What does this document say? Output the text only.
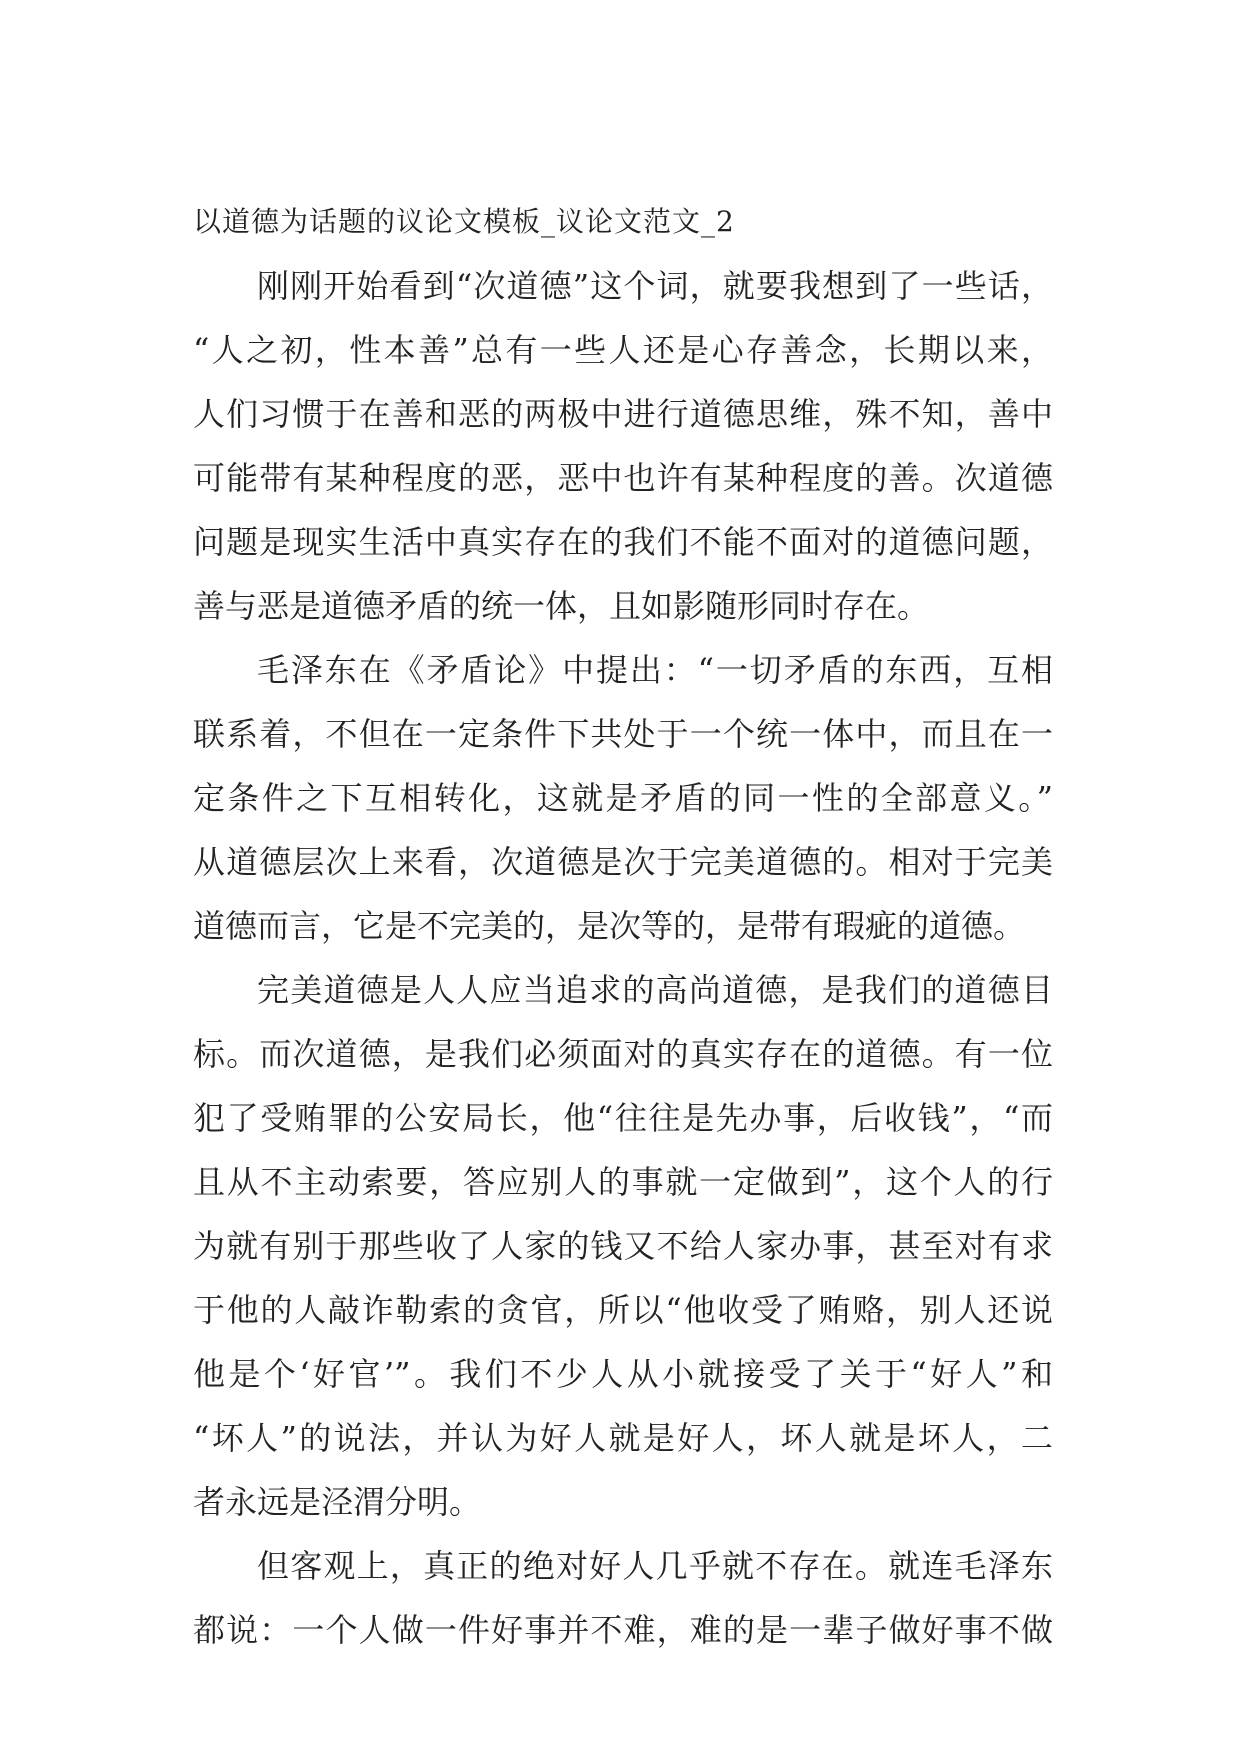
以道德为话题的议论文模板_议论文范文_2
刚刚开始看到“次道德”这个词，就要我想到了一些话，
“人之初，性本善”总有一些人还是心存善念，长期以来，
人们习惯于在善和恶的两极中进行道德思维，殊不知，善中
可能带有某种程度的恶，恶中也许有某种程度的善。次道德
问题是现实生活中真实存在的我们不能不面对的道德问题，
善与恶是道德矛盾的统一体，且如影随形同时存在。
毛泽东在《矛盾论》中提出：“一切矛盾的东西，互相
联系着，不但在一定条件下共处于一个统一体中，而且在一
定条件之下互相转化，这就是矛盾的同一性的全部意义。”
从道德层次上来看，次道德是次于完美道德的。相对于完美
道德而言，它是不完美的，是次等的，是带有瑕疵的道德。
完美道德是人人应当追求的高尚道德，是我们的道德目
标。而次道德，是我们必须面对的真实存在的道德。有一位
犯了受贿罪的公安局长，他“往往是先办事，后收钱”，“而
且从不主动索要，答应别人的事就一定做到”，这个人的行
为就有别于那些收了人家的钱又不给人家办事，甚至对有求
于他的人敲诈勒索的贪官，所以“他收受了贿赂，别人还说
他是个‘好官’”。我们不少人从小就接受了关于“好人”和
“坏人”的说法，并认为好人就是好人，坏人就是坏人，二
者永远是泾渭分明。
但客观上，真正的绝对好人几乎就不存在。就连毛泽东
都说：一个人做一件好事并不难，难的是一辈子做好事不做
